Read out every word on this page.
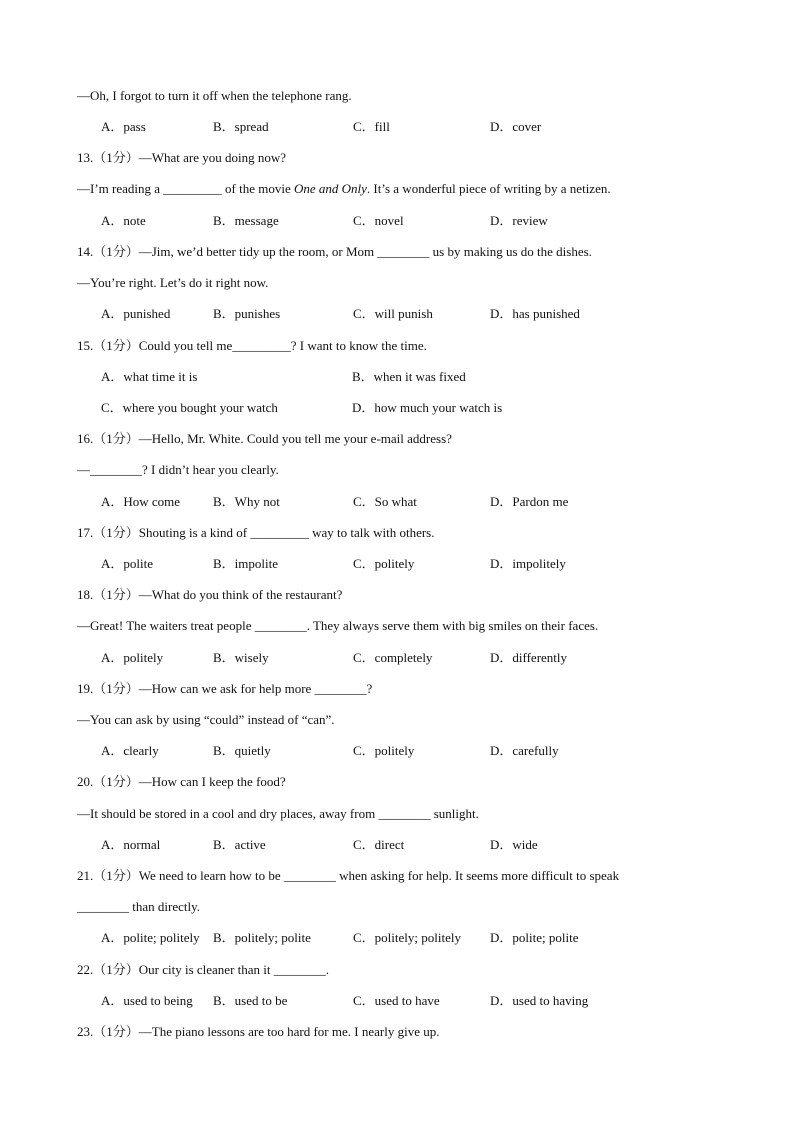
—Oh, I forgot to turn it off when the telephone rang.
A．pass	B．spread	C．fill	D．cover
13.（1分）—What are you doing now?
—I’m reading a _________ of the movie One and Only. It’s a wonderful piece of writing by a netizen.
A．note	B．message	C．novel	D．review
14.（1分）—Jim, we’d better tidy up the room, or Mom ________ us by making us do the dishes.
—You’re right. Let’s do it right now.
A．punished	B．punishes	C．will punish	D．has punished
15.（1分）Could you tell me_________? I want to know the time.
A．what time it is	B．when it was fixed
C．where you bought your watch	D．how much your watch is
16.（1分）—Hello, Mr. White. Could you tell me your e-mail address?
—________? I didn’t hear you clearly.
A．How come	B．Why not	C．So what	D．Pardon me
17.（1分）Shouting is a kind of _________ way to talk with others.
A．polite	B．impolite	C．politely	D．impolitely
18.（1分）—What do you think of the restaurant?
—Great! The waiters treat people ________. They always serve them with big smiles on their faces.
A．politely	B．wisely	C．completely	D．differently
19.（1分）—How can we ask for help more ________?
—You can ask by using “could” instead of “can”.
A．clearly	B．quietly	C．politely	D．carefully
20.（1分）—How can I keep the food?
—It should be stored in a cool and dry places, away from ________ sunlight.
A．normal	B．active	C．direct	D．wide
21.（1分）We need to learn how to be ________ when asking for help. It seems more difficult to speak
________ than directly.
A．polite; politely B．politely; polite	C．politely; politely D．polite; polite
22.（1分）Our city is cleaner than it ________.
A．used to being B．used to be	C．used to have	D．used to having
23.（1分）—The piano lessons are too hard for me. I nearly give up.
